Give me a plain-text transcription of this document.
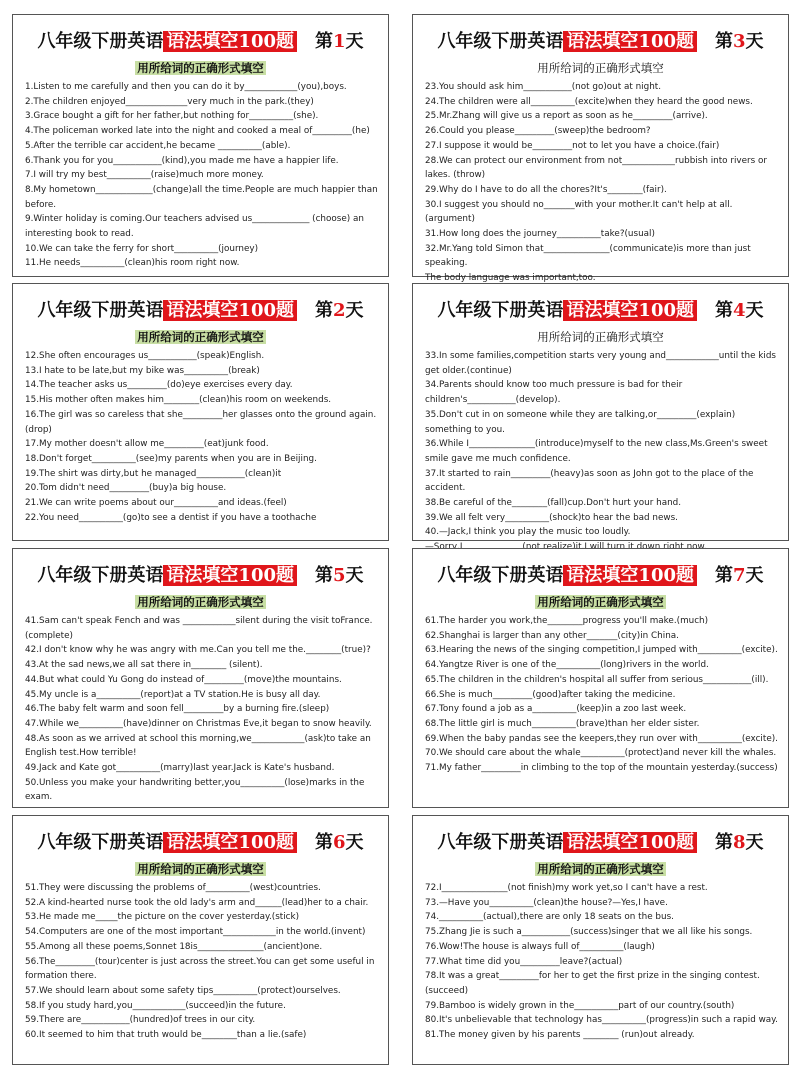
八年级下册英语 语法填空100题 第1天
用所给词的正确形式填空
1.Listen to me carefully and then you can do it by____________(you),boys.
2.The children enjoyed______________very much in the park.(they)
3.Grace bought a gift for her father,but nothing for__________(she).
4.The policeman worked late into the night and cooked a meal of_________(he)
5.After the terrible car accident,he became __________(able).
6.Thank you for you___________(kind),you made me have a happier life.
7.I will try my best__________(raise)much more money.
8.My hometown_____________(change)all the time.People are much happier than before.
9.Winter holiday is coming.Our teachers advised us_____________ (choose) an interesting book to read.
10.We can take the ferry for short__________(journey)
11.He needs__________(clean)his room right now.
八年级下册英语 语法填空100题 第3天
用所给词的正确形式填空
23.You should ask him___________(not go)out at night.
24.The children were all__________(excite)when they heard the good news.
25.Mr.Zhang will give us a report as soon as he_________(arrive).
26.Could you please_________(sweep)the bedroom?
27.I suppose it would be_________not to let you have a choice.(fair)
28.We can protect our environment from not____________rubbish into rivers or lakes. (throw)
29.Why do I have to do all the chores?It's________(fair).
30.I suggest you should no_______with your mother.It can't help at all. (argument)
31.How long does the journey__________take?(usual)
32.Mr.Yang told Simon that_______________(communicate)is more than just speaking.
The body language was important,too.
八年级下册英语 语法填空100题 第2天
用所给词的正确形式填空
12.She often encourages us___________(speak)English.
13.I hate to be late,but my bike was__________(break)
14.The teacher asks us_________(do)eye exercises every day.
15.His mother often makes him________(clean)his room on weekends.
16.The girl was so careless that she_________her glasses onto the ground again.(drop)
17.My mother doesn't allow me_________(eat)junk food.
18.Don't forget__________(see)my parents when you are in Beijing.
19.The shirt was dirty,but he managed___________(clean)it
20.Tom didn't need_________(buy)a big house.
21.We can write poems about our__________and ideas.(feel)
22.You need__________(go)to see a dentist if you have a toothache
八年级下册英语 语法填空100题 第4天
用所给词的正确形式填空
33.In some families,competition starts very young and____________until the kids get older.(continue)
34.Parents should know too much pressure is bad for their children's___________(develop).
35.Don't cut in on someone while they are talking,or_________(explain) something to you.
36.While I_______________(introduce)myself to the new class,Ms.Green's sweet smile gave me much confidence.
37.It started to rain_________(heavy)as soon as John got to the place of the accident.
38.Be careful of the________(fall)cup.Don't hurt your hand.
39.We all felt very__________(shock)to hear the bad news.
40.—Jack,I think you play the music too loudly.
八年级下册英语 语法填空100题 第5天
用所给词的正确形式填空
41.Sam can't speak Fench and was ____________silent during the visit toFrance.(complete)
42.I don't know why he was angry with me.Can you tell me the.________(true)?
43.At the sad news,we all sat there in________ (silent).
44.But what could Yu Gong do instead of_________(move)the mountains.
45.My uncle is a__________(report)at a TV station.He is busy all day.
46.The baby felt warm and soon fell_________by a burning fire.(sleep)
47.While we__________(have)dinner on Christmas Eve,it began to snow heavily.
48.As soon as we arrived at school this morning,we____________(ask)to take an English test.How terrible!
49.Jack and Kate got__________(marry)last year.Jack is Kate's husband.
50.Unless you make your handwriting better,you__________(lose)marks in the exam.
八年级下册英语 语法填空100题 第7天
用所给词的正确形式填空
61.The harder you work,the________progress you'll make.(much)
62.Shanghai is larger than any other_______(city)in China.
63.Hearing the news of the singing competition,I jumped with__________(excite).
64.Yangtze River is one of the__________(long)rivers in the world.
65.The children in the children's hospital all suffer from serious___________(ill).
66.She is much_________(good)after taking the medicine.
67.Tony found a job as a__________(keep)in a zoo last week.
68.The little girl is much__________(brave)than her elder sister.
69.When the baby pandas see the keepers,they run over with__________(excite).
70.We should care about the whale__________(protect)and never kill the whales.
71.My father_________in climbing to the top of the mountain yesterday.(success)
八年级下册英语 语法填空100题 第6天
用所给词的正确形式填空
51.They were discussing the problems of__________(west)countries.
52.A kind-hearted nurse took the old lady's arm and______(lead)her to a chair.
53.He made me_____the picture on the cover yesterday.(stick)
54.Computers are one of the most important____________in the world.(invent)
55.Among all these poems,Sonnet 18is_______________(ancient)one.
56.The_________(tour)center is just across the street.You can get some useful in formation there.
57.We should learn about some safety tips__________(protect)ourselves.
58.If you study hard,you____________(succeed)in the future.
59.There are___________(hundred)of trees in our city.
60.It seemed to him that truth would be________than a lie.(safe)
八年级下册英语 语法填空100题 第8天
用所给词的正确形式填空
72.I_______________(not finish)my work yet,so I can't have a rest.
73.—Have you__________(clean)the house?—Yes,I have.
74.__________(actual),there are only 18 seats on the bus.
75.Zhang Jie is such a___________(success)singer that we all like his songs.
76.Wow!The house is always full of__________(laugh)
77.What time did you_________leave?(actual)
78.It was a great_________for her to get the first prize in the singing contest.(succeed)
79.Bamboo is widely grown in the__________part of our country.(south)
80.It's unbelievable that technology has__________(progress)in such a rapid way.
81.The money given by his parents ________ (run)out already.
